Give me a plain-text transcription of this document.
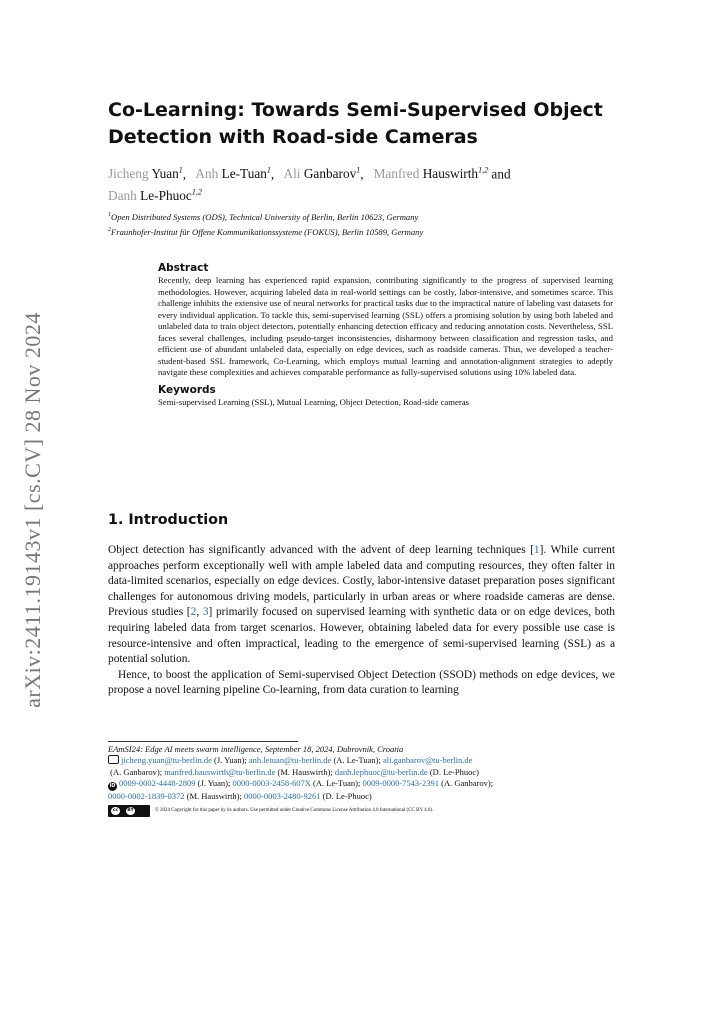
arXiv:2411.19143v1 [cs.CV] 28 Nov 2024
Co-Learning: Towards Semi-Supervised Object Detection with Road-side Cameras
Jicheng Yuan$^1$,   Anh Le-Tuan$^1$,   Ali Ganbarov$^1$,   Manfred Hauswirth$^{1,2}$ and
Danh Le-Phuoc$^{1,2}$
$^1$Open Distributed Systems (ODS), Technical University of Berlin, Berlin 10623, Germany
$^2$Fraunhofer-Institut für Offene Kommunikationssysteme (FOKUS), Berlin 10589, Germany
Abstract
Recently, deep learning has experienced rapid expansion, contributing significantly to the progress of supervised learning methodologies. However, acquiring labeled data in real-world settings can be costly, labor-intensive, and sometimes scarce. This challenge inhibits the extensive use of neural networks for practical tasks due to the impractical nature of labeling vast datasets for every individual application. To tackle this, semi-supervised learning (SSL) offers a promising solution by using both labeled and unlabeled data to train object detectors, potentially enhancing detection efficacy and reducing annotation costs. Nevertheless, SSL faces several challenges, including pseudo-target inconsistencies, disharmony between classification and regression tasks, and efficient use of abundant unlabeled data, especially on edge devices, such as roadside cameras. Thus, we developed a teacher-student-based SSL framework, Co-Learning, which employs mutual learning and annotation-alignment strategies to adeptly navigate these complexities and achieves comparable performance as fully-supervised solutions using 10% labeled data.
Keywords
Semi-supervised Learning (SSL), Mutual Learning, Object Detection, Road-side cameras
1. Introduction

Object detection has significantly advanced with the advent of deep learning techniques [1]. While current approaches perform exceptionally well with ample labeled data and computing resources, they often falter in data-limited scenarios, especially on edge devices. Costly, labor-intensive dataset preparation poses significant challenges for autonomous driving models, particularly in urban areas or where roadside cameras are dense. Previous studies [2, 3] primarily focused on supervised learning with synthetic data or on edge devices, both requiring labeled data from target scenarios. However, obtaining labeled data for every possible use case is resource-intensive and often impractical, leading to the emergence of semi-supervised learning (SSL) as a potential solution.

Hence, to boost the application of Semi-supervised Object Detection (SSOD) methods on edge devices, we propose a novel learning pipeline Co-learning, from data curation to learning

EAmSI24: Edge AI meets swarm intelligence, September 18, 2024, Dubrovnik, Croatia
jicheng.yuan@tu-berlin.de (J. Yuan); anh.letuan@tu-berlin.de (A. Le-Tuan); ali.ganbarov@tu-berlin.de
(A. Ganbarov); manfred.hauswirth@tu-berlin.de (M. Hauswirth); danh.lephuoc@tu-berlin.de (D. Le-Phuoc)
iD 0009-0002-4448-2809 (J. Yuan); 0000-0003-2458-607X (A. Le-Tuan); 0009-0000-7543-2391 (A. Ganbarov);
0000-0002-1839-0372 (M. Hauswirth); 0000-0003-2480-9261 (D. Le-Phuoc)
cc	BY	© 2024 Copyright for this paper by its authors. Use permitted under Creative Commons License Attribution 4.0 International (CC BY 4.0).
